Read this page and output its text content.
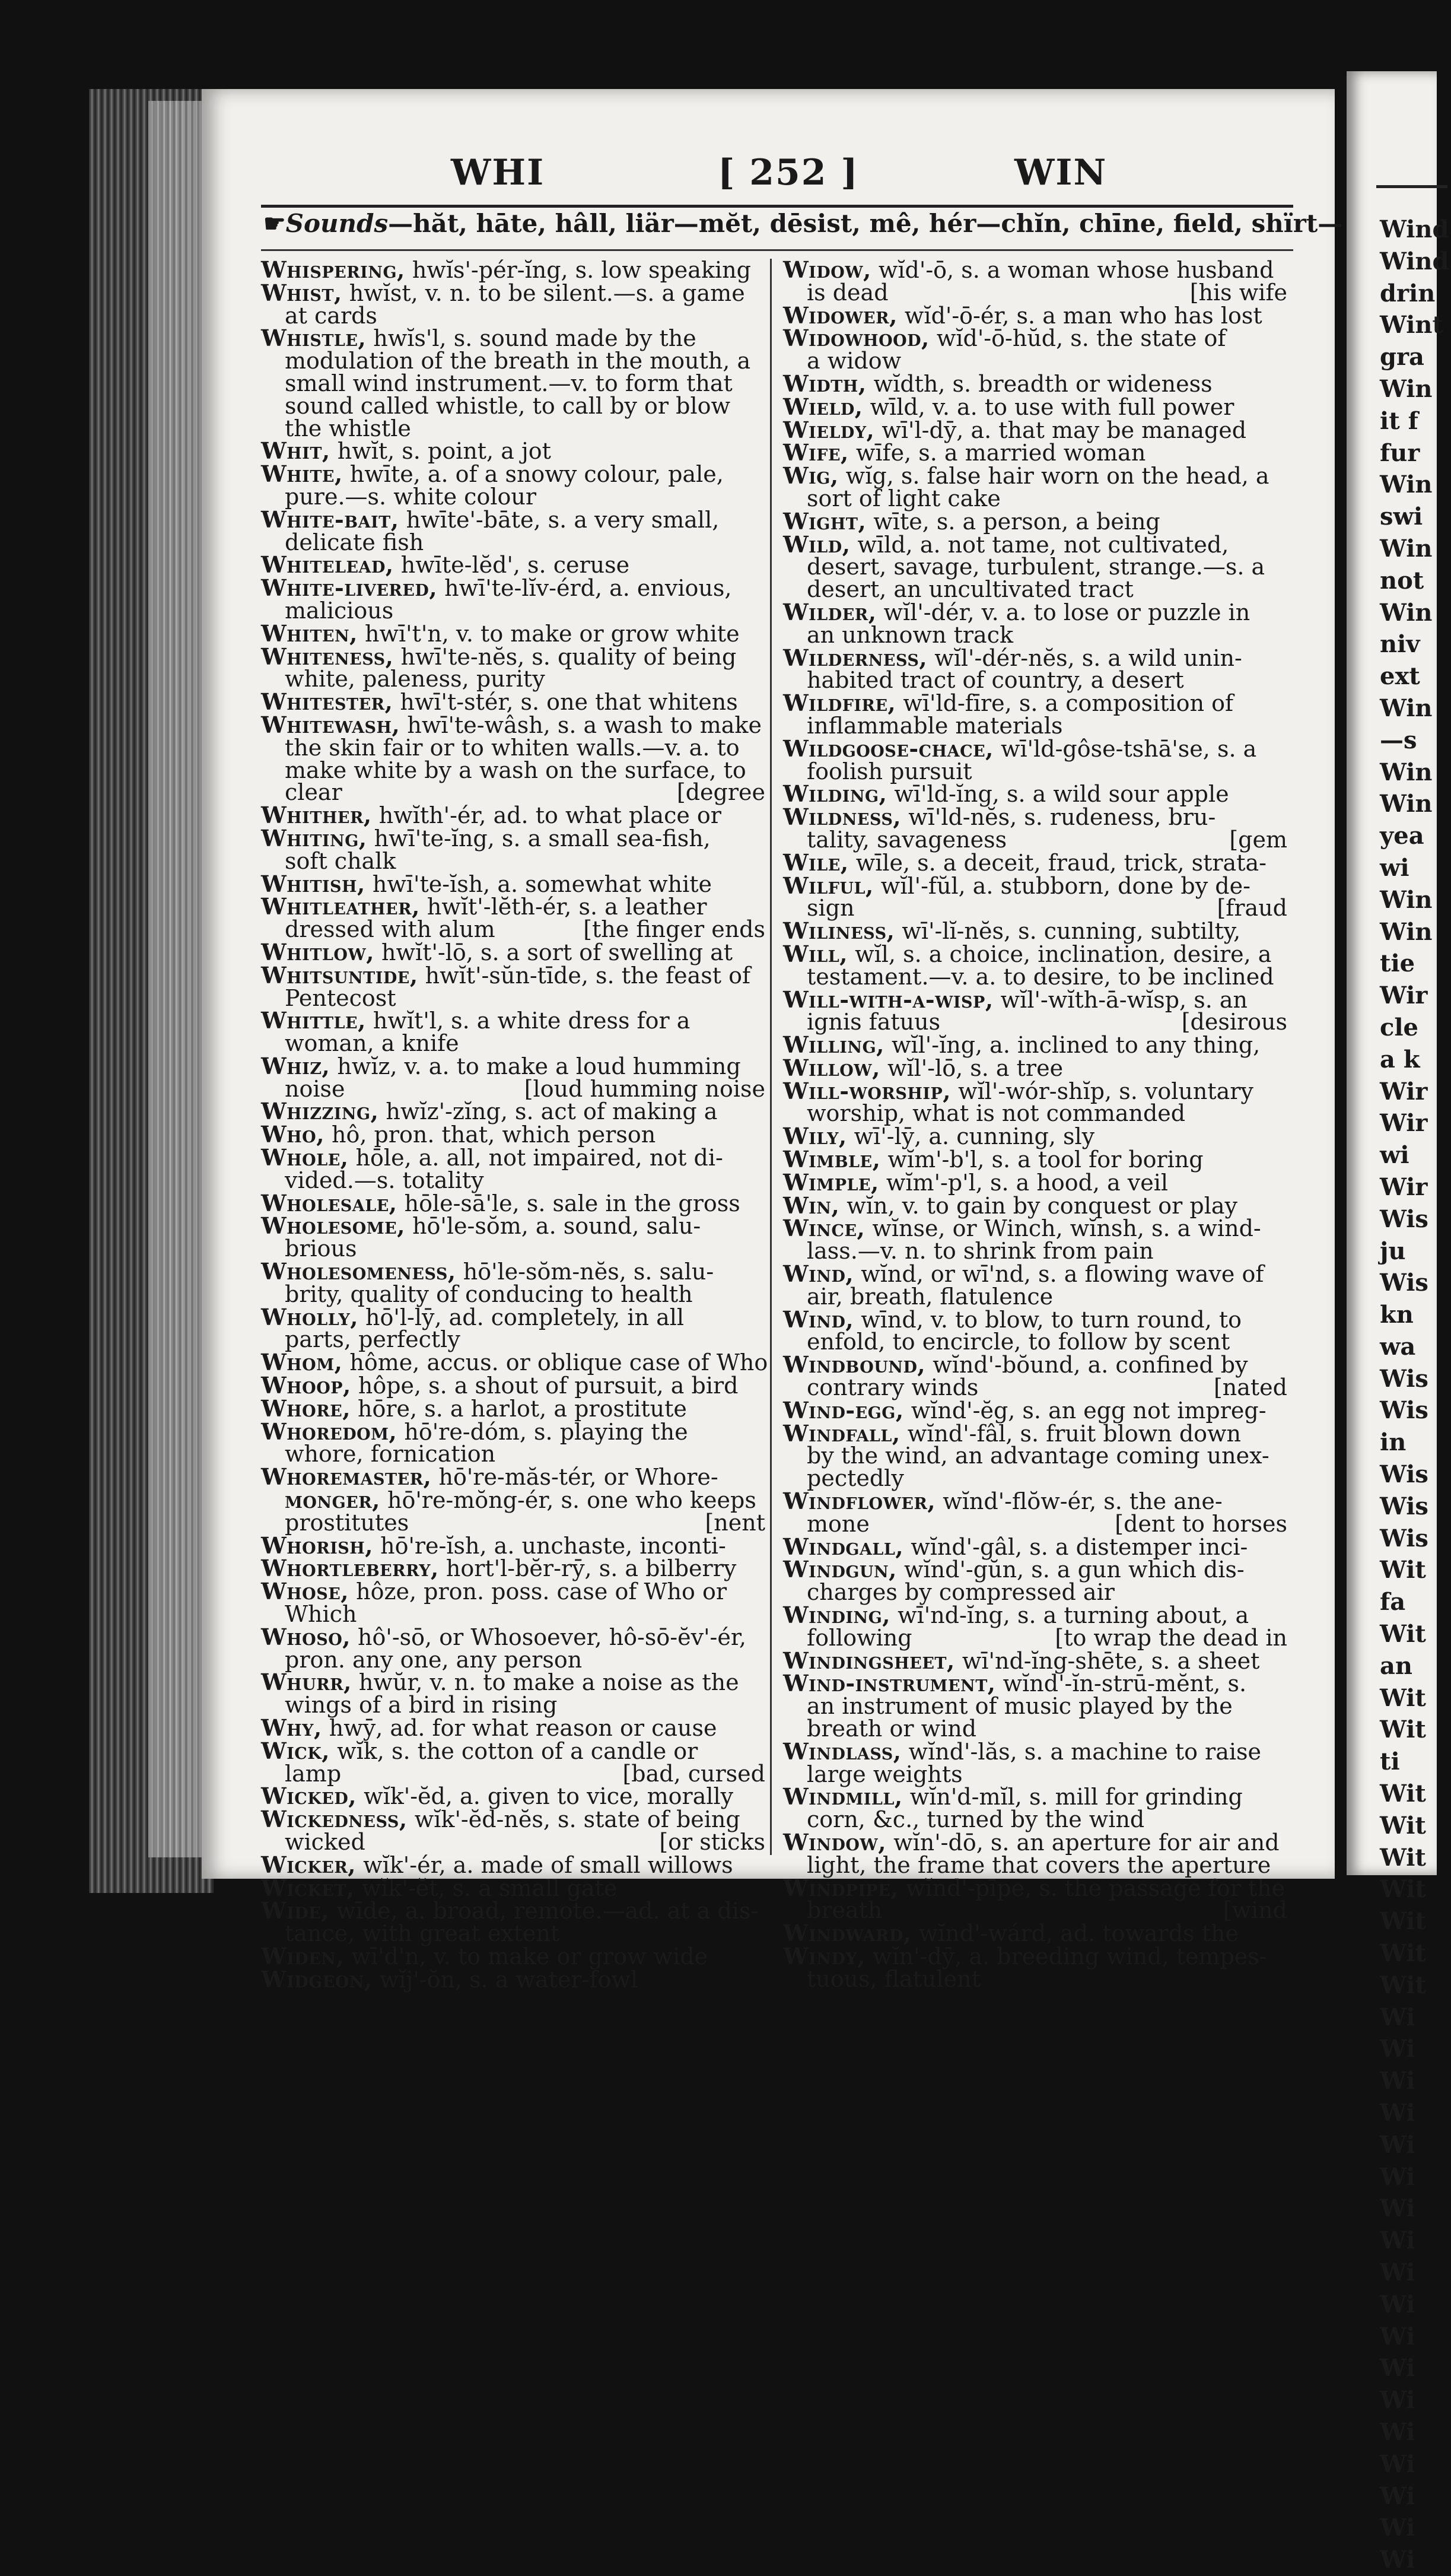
Wind
Wind
drin
Wint
gra
Win
it f
fur
Win
swi
Win
not
Win
niv
ext
Win
—s
Win
Win
yea
wi
Win
Win
tie
Wir
cle
a k
Wir
Wir
wi
Wir
Wis
ju
Wis
kn
wa
Wis
Wis
in
Wis
Wis
Wis
Wit
fa
Wit
an
Wit
Wit
ti
Wit
Wit
Wit
Wit
Wit
Wit
Wit
Wi
Wi
Wi
Wi
Wi
Wi
Wi
Wi
Wi
Wi
Wi
Wi
Wi
Wi
Wi
Wi
Wi
Wi
WHI	[ 252 ]	WIN
☛Sounds—hăt, hāte, hâll, liär—mĕt, dēsist, mê, hér—chĭn, chīne, field, shïrt—
Whispering, hwĭs'-pér-ĭng, s. low speaking
Whist, hwĭst, v. n. to be silent.—s. a game
at cards
Whistle, hwĭs'l, s. sound made by the
modulation of the breath in the mouth, a
small wind instrument.—v. to form that
sound called whistle, to call by or blow
the whistle
Whit, hwĭt, s. point, a jot
White, hwīte, a. of a snowy colour, pale,
pure.—s. white colour
White-bait, hwīte'-bāte, s. a very small,
delicate fish
Whitelead, hwīte-lĕd', s. ceruse
White-livered, hwī'te-lĭv-érd, a. envious,
malicious
Whiten, hwī't'n, v. to make or grow white
Whiteness, hwī'te-nĕs, s. quality of being
white, paleness, purity
Whitester, hwī't-stér, s. one that whitens
Whitewash, hwī'te-wâsh, s. a wash to make
the skin fair or to whiten walls.—v. a. to
make white by a wash on the surface, to
[degree
clear
Whither, hwĭth'-ér, ad. to what place or
Whiting, hwī'te-ĭng, s. a small sea-fish,
soft chalk
Whitish, hwī'te-ĭsh, a. somewhat white
Whitleather, hwĭt'-lĕth-ér, s. a leather
[the finger ends
dressed with alum
Whitlow, hwĭt'-lō, s. a sort of swelling at
Whitsuntide, hwĭt'-sŭn-tīde, s. the feast of
Pentecost
Whittle, hwĭt'l, s. a white dress for a
woman, a knife
Whiz, hwĭz, v. a. to make a loud humming
[loud humming noise
noise
Whizzing, hwĭz'-zĭng, s. act of making a
Who, hô, pron. that, which person
Whole, hōle, a. all, not impaired, not di-
vided.—s. totality
Wholesale, hōle-sā'le, s. sale in the gross
Wholesome, hō'le-sŏm, a. sound, salu-
brious
Wholesomeness, hō'le-sŏm-nĕs, s. salu-
brity, quality of conducing to health
Wholly, hō'l-lȳ, ad. completely, in all
parts, perfectly
Whom, hôme, accus. or oblique case of Who
Whoop, hôpe, s. a shout of pursuit, a bird
Whore, hōre, s. a harlot, a prostitute
Whoredom, hō're-dóm, s. playing the
whore, fornication
Whoremaster, hō're-măs-tér, or Whore-
monger, hō're-mŏng-ér, s. one who keeps
[nent
prostitutes
Whorish, hō're-ĭsh, a. unchaste, inconti-
Whortleberry, hort'l-bĕr-rȳ, s. a bilberry
Whose, hôze, pron. poss. case of Who or
Which
Whoso, hô'-sō, or Whosoever, hô-sō-ĕv'-ér,
pron. any one, any person
Whurr, hwŭr, v. n. to make a noise as the
wings of a bird in rising
Why, hwȳ, ad. for what reason or cause
Wick, wĭk, s. the cotton of a candle or
[bad, cursed
lamp
Wicked, wĭk'-ĕd, a. given to vice, morally
Wickedness, wĭk'-ĕd-nĕs, s. state of being
[or sticks
wicked
Wicker, wĭk'-ér, a. made of small willows
Wicket, wĭk'-ĕt, s. a small gate
Wide, wīde, a. broad, remote.—ad. at a dis-
tance, with great extent
Widen, wī'd'n, v. to make or grow wide
Widgeon, wĭj'-ŏn, s. a water-fowl
Widow, wĭd'-ō, s. a woman whose husband
[his wife
is dead
Widower, wĭd'-ō-ér, s. a man who has lost
Widowhood, wĭd'-ō-hŭd, s. the state of
a widow
Width, wĭdth, s. breadth or wideness
Wield, wīld, v. a. to use with full power
Wieldy, wī'l-dȳ, a. that may be managed
Wife, wīfe, s. a married woman
Wig, wĭg, s. false hair worn on the head, a
sort of light cake
Wight, wīte, s. a person, a being
Wild, wīld, a. not tame, not cultivated,
desert, savage, turbulent, strange.—s. a
desert, an uncultivated tract
Wilder, wĭl'-dér, v. a. to lose or puzzle in
an unknown track
Wilderness, wĭl'-dér-nĕs, s. a wild unin-
habited tract of country, a desert
Wildfire, wī'ld-fīre, s. a composition of
inflammable materials
Wildgoose-chace, wī'ld-gôse-tshā'se, s. a
foolish pursuit
Wilding, wī'ld-ĭng, s. a wild sour apple
Wildness, wī'ld-nĕs, s. rudeness, bru-
[gem
tality, savageness
Wile, wīle, s. a deceit, fraud, trick, strata-
Wilful, wĭl'-fŭl, a. stubborn, done by de-
[fraud
sign
Wiliness, wī'-lĭ-nĕs, s. cunning, subtilty,
Will, wĭl, s. a choice, inclination, desire, a
testament.—v. a. to desire, to be inclined
Will-with-a-wisp, wĭl'-wĭth-ā-wĭsp, s. an
[desirous
ignis fatuus
Willing, wĭl'-ĭng, a. inclined to any thing,
Willow, wĭl'-lō, s. a tree
Will-worship, wĭl'-wór-shĭp, s. voluntary
worship, what is not commanded
Wily, wī'-lȳ, a. cunning, sly
Wimble, wĭm'-b'l, s. a tool for boring
Wimple, wĭm'-p'l, s. a hood, a veil
Win, wĭn, v. to gain by conquest or play
Wince, wĭnse, or Winch, wĭnsh, s. a wind-
lass.—v. n. to shrink from pain
Wind, wĭnd, or wī'nd, s. a flowing wave of
air, breath, flatulence
Wind, wīnd, v. to blow, to turn round, to
enfold, to encircle, to follow by scent
Windbound, wĭnd'-bŏund, a. confined by
[nated
contrary winds
Wind-egg, wĭnd'-ĕg, s. an egg not impreg-
Windfall, wĭnd'-fâl, s. fruit blown down
by the wind, an advantage coming unex-
pectedly
Windflower, wĭnd'-flŏw-ér, s. the ane-
[dent to horses
mone
Windgall, wĭnd'-gâl, s. a distemper inci-
Windgun, wĭnd'-gŭn, s. a gun which dis-
charges by compressed air
Winding, wī'nd-ĭng, s. a turning about, a
[to wrap the dead in
following
Windingsheet, wī'nd-ĭng-shēte, s. a sheet
Wind-instrument, wĭnd'-ĭn-strū-mĕnt, s.
an instrument of music played by the
breath or wind
Windlass, wĭnd'-lăs, s. a machine to raise
large weights
Windmill, wĭn'd-mĭl, s. mill for grinding
corn, &c., turned by the wind
Window, wĭn'-dō, s. an aperture for air and
light, the frame that covers the aperture
Windpipe, wĭnd'-pīpe, s. the passage for the
[wind
breath
Windward, wĭnd'-wárd, ad. towards the
Windy, wĭn'-dȳ, a. breeding wind, tempes-
tuous, flatulent
